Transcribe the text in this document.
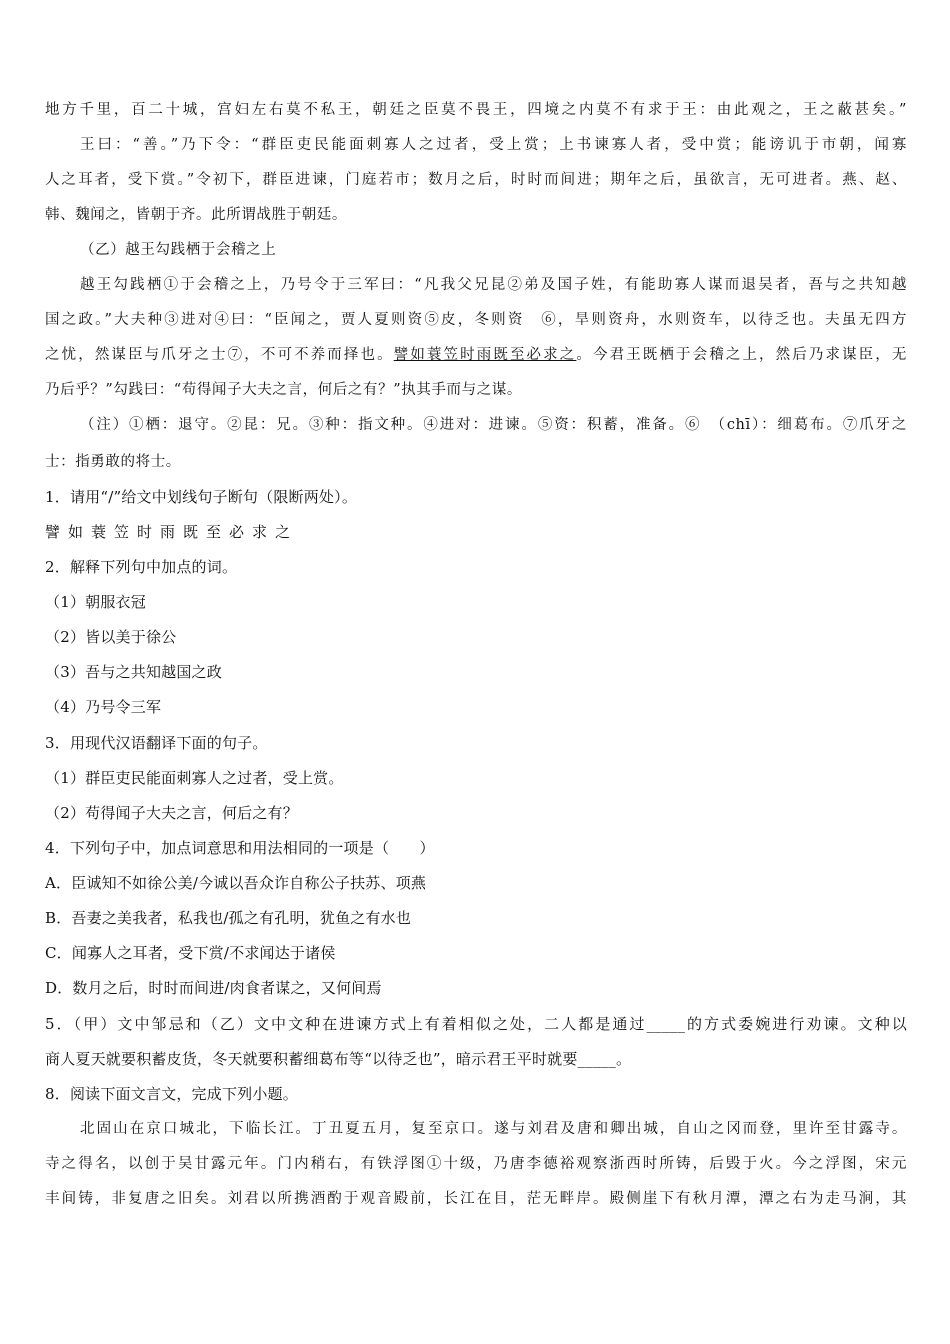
地方千里，百二十城，宫妇左右莫不私王，朝廷之臣莫不畏王，四境之内莫不有求于王：由此观之，王之蔽甚矣。”
王曰：“善。”乃下令：“群臣吏民能面刺寡人之过者，受上赏；上书谏寡人者，受中赏；能谤讥于市朝，闻寡
人之耳者，受下赏。”令初下，群臣进谏，门庭若市；数月之后，时时而间进；期年之后，虽欲言，无可进者。燕、赵、
韩、魏闻之，皆朝于齐。此所谓战胜于朝廷。
（乙）越王勾践栖于会稽之上
越王勾践栖①于会稽之上，乃号令于三军曰：“凡我父兄昆②弟及国子姓，有能助寡人谋而退吴者，吾与之共知越
国之政。”大夫种③进对④曰：“臣闻之，贾人夏则资⑤皮，冬则资　⑥，旱则资舟，水则资车，以待乏也。夫虽无四方
之忧，然谋臣与爪牙之士⑦，不可不养而择也。譬如蓑笠时雨既至必求之。今君王既栖于会稽之上，然后乃求谋臣，无
乃后乎？”勾践曰：“苟得闻子大夫之言，何后之有？”执其手而与之谋。
（注）①栖：退守。②昆：兄。③种：指文种。④进对：进谏。⑤资：积蓄，准备。⑥　（chī）：细葛布。⑦爪牙之
士：指勇敢的将士。
1．请用“/”给文中划线句子断句（限断两处）。
譬如蓑笠时雨既至必求之
2．解释下列句中加点的词。
（1）朝服衣冠
（2）皆以美于徐公
（3）吾与之共知越国之政
（4）乃号令三军
3．用现代汉语翻译下面的句子。
（1）群臣吏民能面刺寡人之过者，受上赏。
（2）苟得闻子大夫之言，何后之有？
4．下列句子中，加点词意思和用法相同的一项是（　　）
A．臣诚知不如徐公美/今诚以吾众诈自称公子扶苏、项燕
B．吾妻之美我者，私我也/孤之有孔明，犹鱼之有水也
C．闻寡人之耳者，受下赏/不求闻达于诸侯
D．数月之后，时时而间进/肉食者谋之，又何间焉
5．（甲）文中邹忌和（乙）文中文种在进谏方式上有着相似之处，二人都是通过_____的方式委婉进行劝谏。文种以
商人夏天就要积蓄皮货，冬天就要积蓄细葛布等“以待乏也”，暗示君王平时就要_____。
8．阅读下面文言文，完成下列小题。
北固山在京口城北，下临长江。丁丑夏五月，复至京口。遂与刘君及唐和卿出城，自山之冈而登，里许至甘露寺。
寺之得名，以创于吴甘露元年。门内稍右，有铁浮图①十级，乃唐李德裕观察浙西时所铸，后毁于火。今之浮图，宋元
丰间铸，非复唐之旧矣。刘君以所携酒酌于观音殿前，长江在目，茫无畔岸。殿侧崖下有秋月潭，潭之右为走马涧，其
